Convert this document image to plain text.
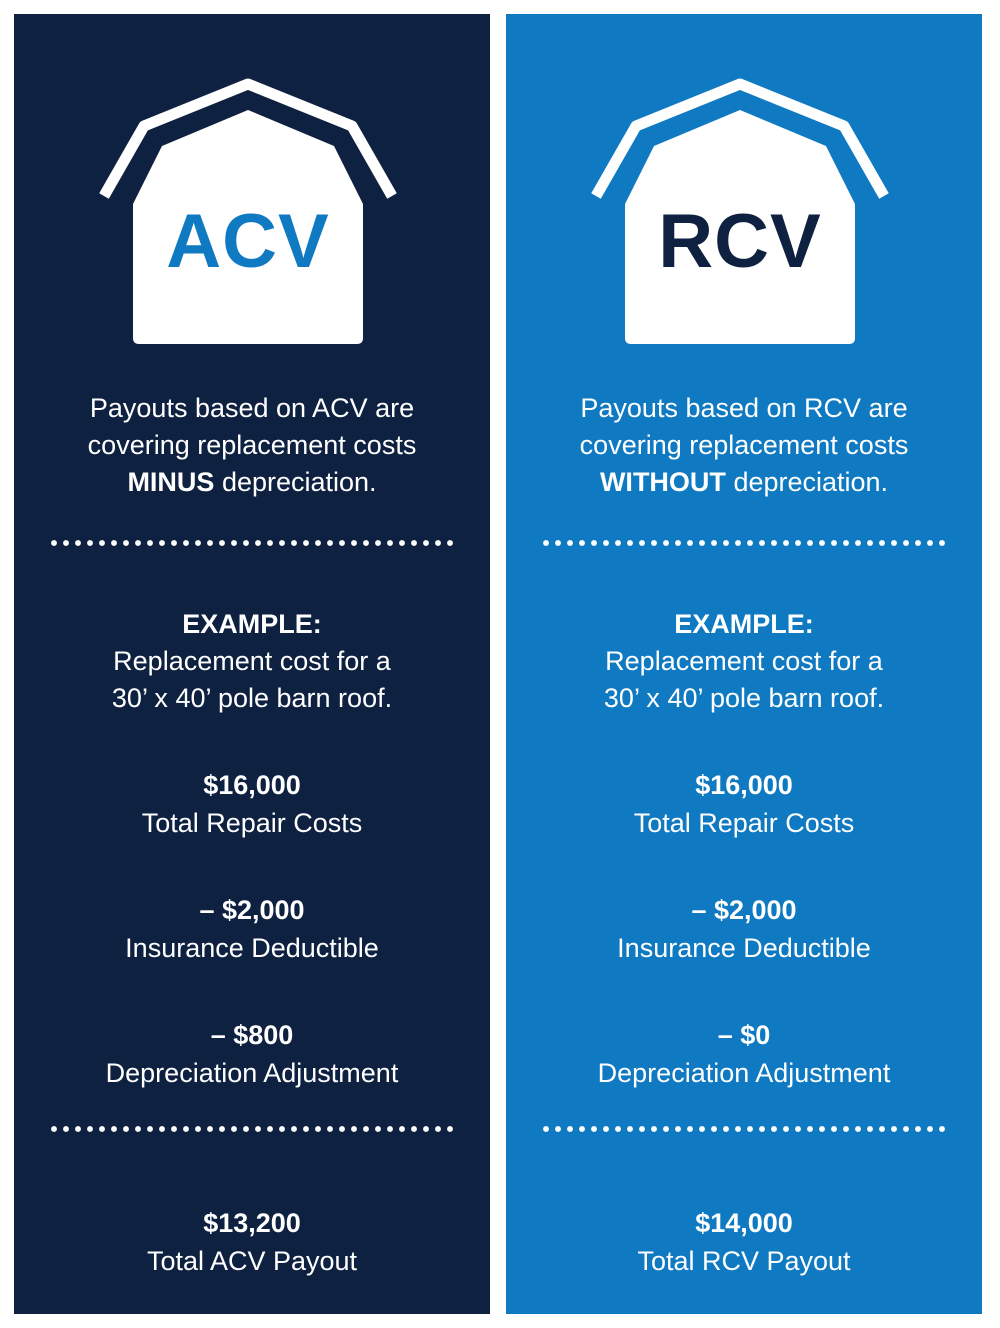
ACV
Payouts based on ACV are
covering replacement costs
MINUS depreciation.
EXAMPLE:
Replacement cost for a
30’ x 40’ pole barn roof.
$16,000
Total Repair Costs
– $2,000
Insurance Deductible
– $800
Depreciation Adjustment
$13,200
Total ACV Payout
RCV
Payouts based on RCV are
covering replacement costs
WITHOUT depreciation.
EXAMPLE:
Replacement cost for a
30’ x 40’ pole barn roof.
$16,000
Total Repair Costs
– $2,000
Insurance Deductible
– $0
Depreciation Adjustment
$14,000
Total RCV Payout
